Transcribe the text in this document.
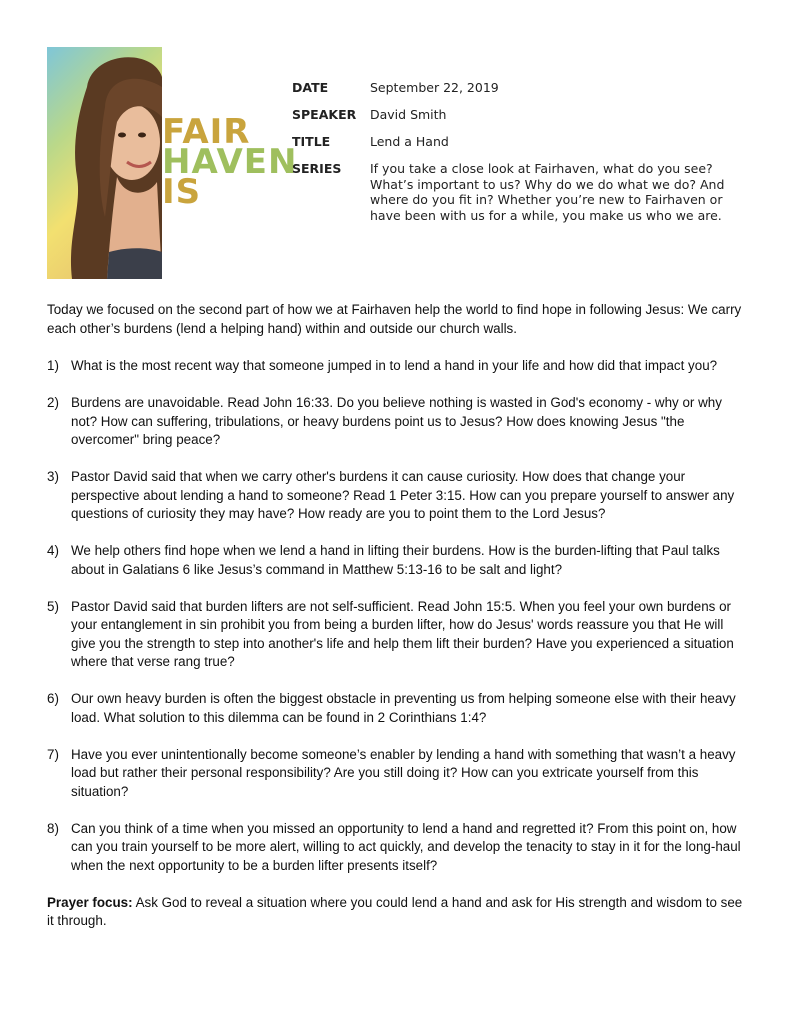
FAIR
HAVEN
IS
DATE	September 22, 2019
SPEAKER	David Smith
TITLE	Lend a Hand
SERIES	If you take a close look at Fairhaven, what do you see? What’s important to us? Why do we do what we do? And where do you fit in? Whether you’re new to Fairhaven or have been with us for a while, you make us who we are.

Today we focused on the second part of how we at Fairhaven help the world to find hope in following Jesus: We carry each other’s burdens (lend a helping hand) within and outside our church walls.

1) What is the most recent way that someone jumped in to lend a hand in your life and how did that impact you?
2) Burdens are unavoidable. Read John 16:33. Do you believe nothing is wasted in God's economy - why or why not? How can suffering, tribulations, or heavy burdens point us to Jesus? How does knowing Jesus "the overcomer" bring peace?
3) Pastor David said that when we carry other's burdens it can cause curiosity. How does that change your perspective about lending a hand to someone? Read 1 Peter 3:15. How can you prepare yourself to answer any questions of curiosity they may have? How ready are you to point them to the Lord Jesus?
4) We help others find hope when we lend a hand in lifting their burdens. How is the burden-lifting that Paul talks about in Galatians 6 like Jesus’s command in Matthew 5:13-16 to be salt and light?
5) Pastor David said that burden lifters are not self-sufficient. Read John 15:5. When you feel your own burdens or your entanglement in sin prohibit you from being a burden lifter, how do Jesus' words reassure you that He will give you the strength to step into another's life and help them lift their burden? Have you experienced a situation where that verse rang true?
6) Our own heavy burden is often the biggest obstacle in preventing us from helping someone else with their heavy load. What solution to this dilemma can be found in 2 Corinthians 1:4?
7) Have you ever unintentionally become someone’s enabler by lending a hand with something that wasn’t a heavy load but rather their personal responsibility? Are you still doing it? How can you extricate yourself from this situation?
8) Can you think of a time when you missed an opportunity to lend a hand and regretted it? From this point on, how can you train yourself to be more alert, willing to act quickly, and develop the tenacity to stay in it for the long-haul when the next opportunity to be a burden lifter presents itself?

Prayer focus: Ask God to reveal a situation where you could lend a hand and ask for His strength and wisdom to see it through.
